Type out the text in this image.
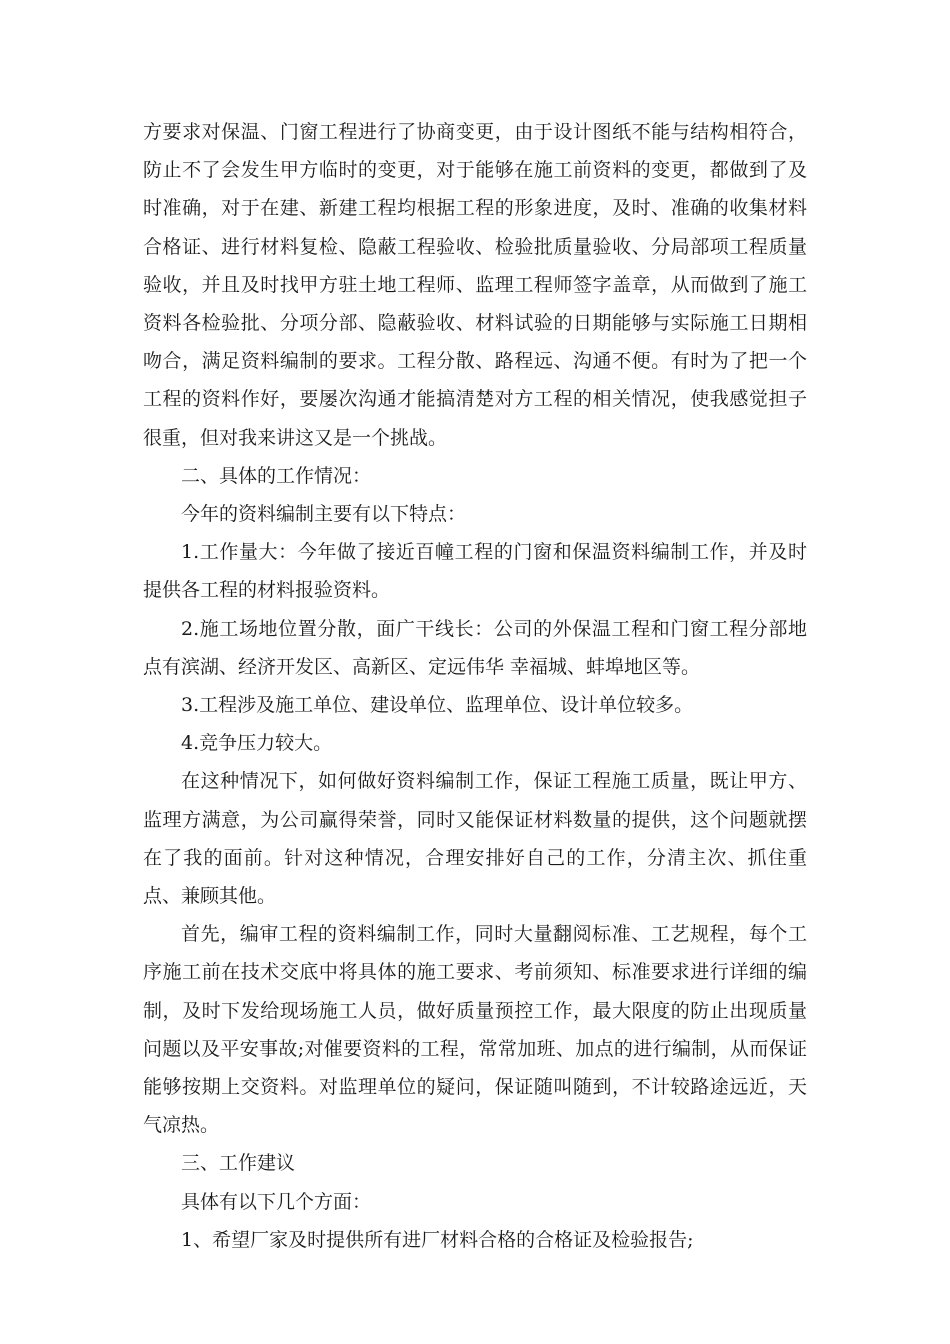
方要求对保温、门窗工程进行了协商变更，由于设计图纸不能与结构相符合，防止不了会发生甲方临时的变更，对于能够在施工前资料的变更，都做到了及时准确，对于在建、新建工程均根据工程的形象进度，及时、准确的收集材料合格证、进行材料复检、隐蔽工程验收、检验批质量验收、分局部项工程质量验收，并且及时找甲方驻土地工程师、监理工程师签字盖章，从而做到了施工资料各检验批、分项分部、隐蔽验收、材料试验的日期能够与实际施工日期相吻合，满足资料编制的要求。工程分散、路程远、沟通不便。有时为了把一个工程的资料作好，要屡次沟通才能搞清楚对方工程的相关情况，使我感觉担子很重，但对我来讲这又是一个挑战。

二、具体的工作情况：

今年的资料编制主要有以下特点：

1.工作量大：今年做了接近百幢工程的门窗和保温资料编制工作，并及时提供各工程的材料报验资料。

2.施工场地位置分散，面广干线长：公司的外保温工程和门窗工程分部地点有滨湖、经济开发区、高新区、定远伟华 幸福城、蚌埠地区等。

3.工程涉及施工单位、建设单位、监理单位、设计单位较多。

4.竞争压力较大。

在这种情况下，如何做好资料编制工作，保证工程施工质量，既让甲方、监理方满意，为公司赢得荣誉，同时又能保证材料数量的提供，这个问题就摆在了我的面前。针对这种情况，合理安排好自己的工作，分清主次、抓住重点、兼顾其他。

首先，编审工程的资料编制工作，同时大量翻阅标准、工艺规程，每个工序施工前在技术交底中将具体的施工要求、考前须知、标准要求进行详细的编制，及时下发给现场施工人员，做好质量预控工作，最大限度的防止出现质量问题以及平安事故;对催要资料的工程，常常加班、加点的进行编制，从而保证能够按期上交资料。对监理单位的疑问，保证随叫随到，不计较路途远近，天气凉热。

三、工作建议

具体有以下几个方面：

1、希望厂家及时提供所有进厂材料合格的合格证及检验报告;
